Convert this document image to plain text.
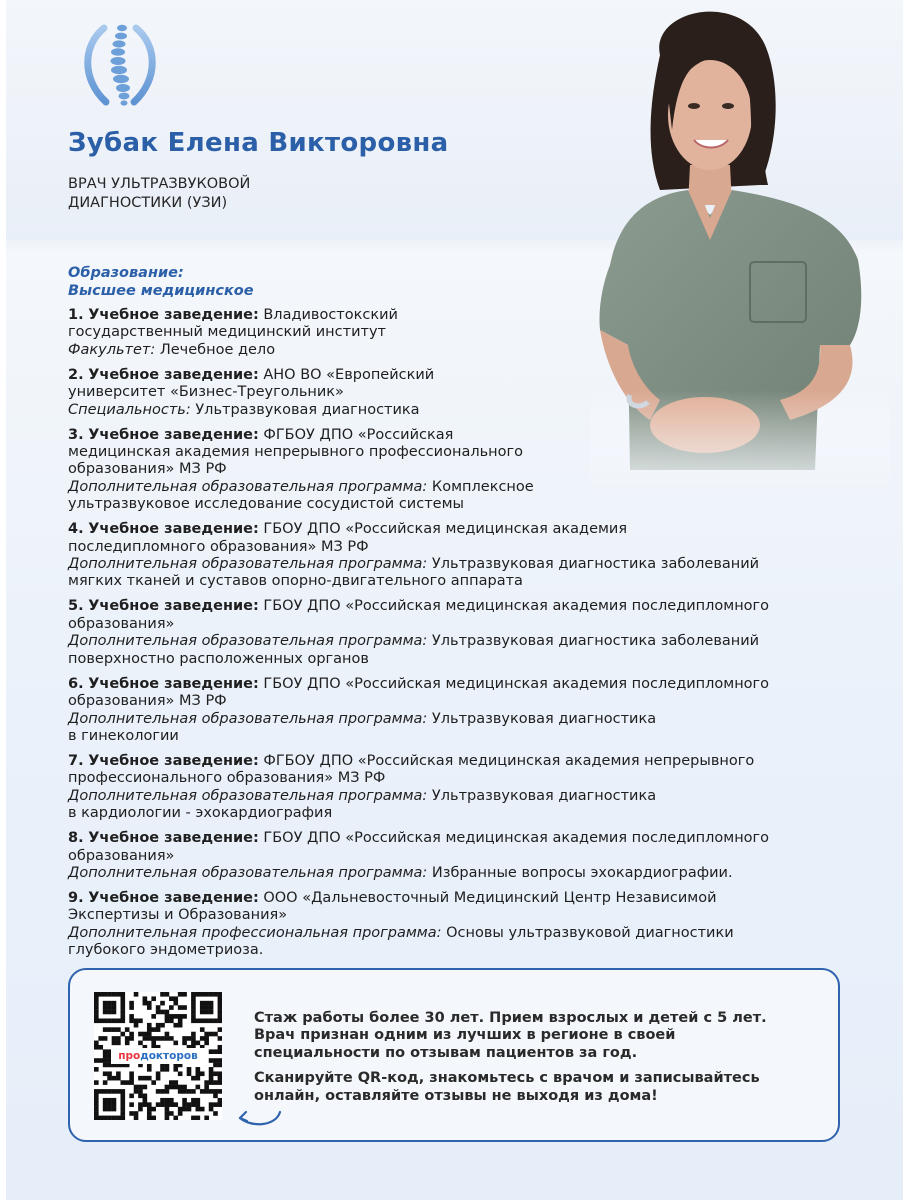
Зубак Елена Викторовна
ВРАЧ УЛЬТРАЗВУКОВОЙ
ДИАГНОСТИКИ (УЗИ)
Образование:
Высшее медицинское
1. Учебное заведение: Владивостокский
государственный медицинский институт
Факультет: Лечебное дело
2. Учебное заведение: АНО ВО «Европейский
университет «Бизнес-Треугольник»
Специальность: Ультразвуковая диагностика
3. Учебное заведение: ФГБОУ ДПО «Российская
медицинская академия непрерывного профессионального
образования» МЗ РФ
Дополнительная образовательная программа: Комплексное
ультразвуковое исследование сосудистой системы
4. Учебное заведение: ГБОУ ДПО «Российская медицинская академия
последипломного образования» МЗ РФ
Дополнительная образовательная программа: Ультразвуковая диагностика заболеваний
мягких тканей и суставов опорно-двигательного аппарата
5. Учебное заведение: ГБОУ ДПО «Российская медицинская академия последипломного
образования»
Дополнительная образовательная программа: Ультразвуковая диагностика заболеваний
поверхностно расположенных органов
6. Учебное заведение: ГБОУ ДПО «Российская медицинская академия последипломного
образования» МЗ РФ
Дополнительная образовательная программа: Ультразвуковая диагностика
в гинекологии
7. Учебное заведение: ФГБОУ ДПО «Российская медицинская академия непрерывного
профессионального образования» МЗ РФ
Дополнительная образовательная программа: Ультразвуковая диагностика
в кардиологии - эхокардиография
8. Учебное заведение: ГБОУ ДПО «Российская медицинская академия последипломного
образования»
Дополнительная образовательная программа: Избранные вопросы эхокардиографии.
9. Учебное заведение: ООО «Дальневосточный Медицинский Центр Независимой
Экспертизы и Образования»
Дополнительная профессиональная программа: Основы ультразвуковой диагностики
глубокого эндометриоза.
продокторов

Стаж работы более 30 лет. Прием взрослых и детей с 5 лет.
Врач признан одним из лучших в регионе в своей
специальности по отзывам пациентов за год.

Сканируйте QR-код, знакомьтесь с врачом и записывайтесь
онлайн, оставляйте отзывы не выходя из дома!
